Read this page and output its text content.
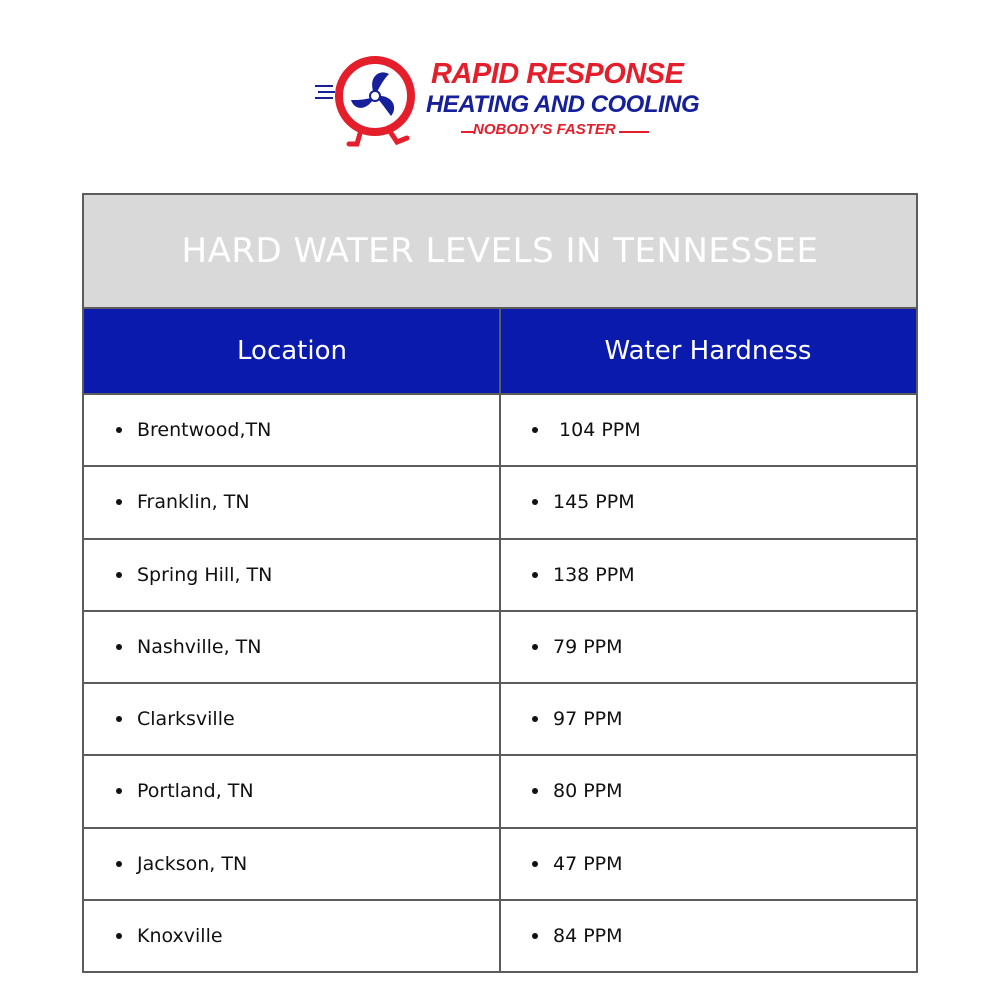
RAPID RESPONSE
HEATING AND COOLING
NOBODY'S FASTER
HARD WATER LEVELS IN TENNESSEE
Location	Water Hardness
Brentwood,TN	104 PPM
Franklin, TN	145 PPM
Spring Hill, TN	138 PPM
Nashville, TN	79 PPM
Clarksville	97 PPM
Portland, TN	80 PPM
Jackson, TN	47 PPM
Knoxville	84 PPM
